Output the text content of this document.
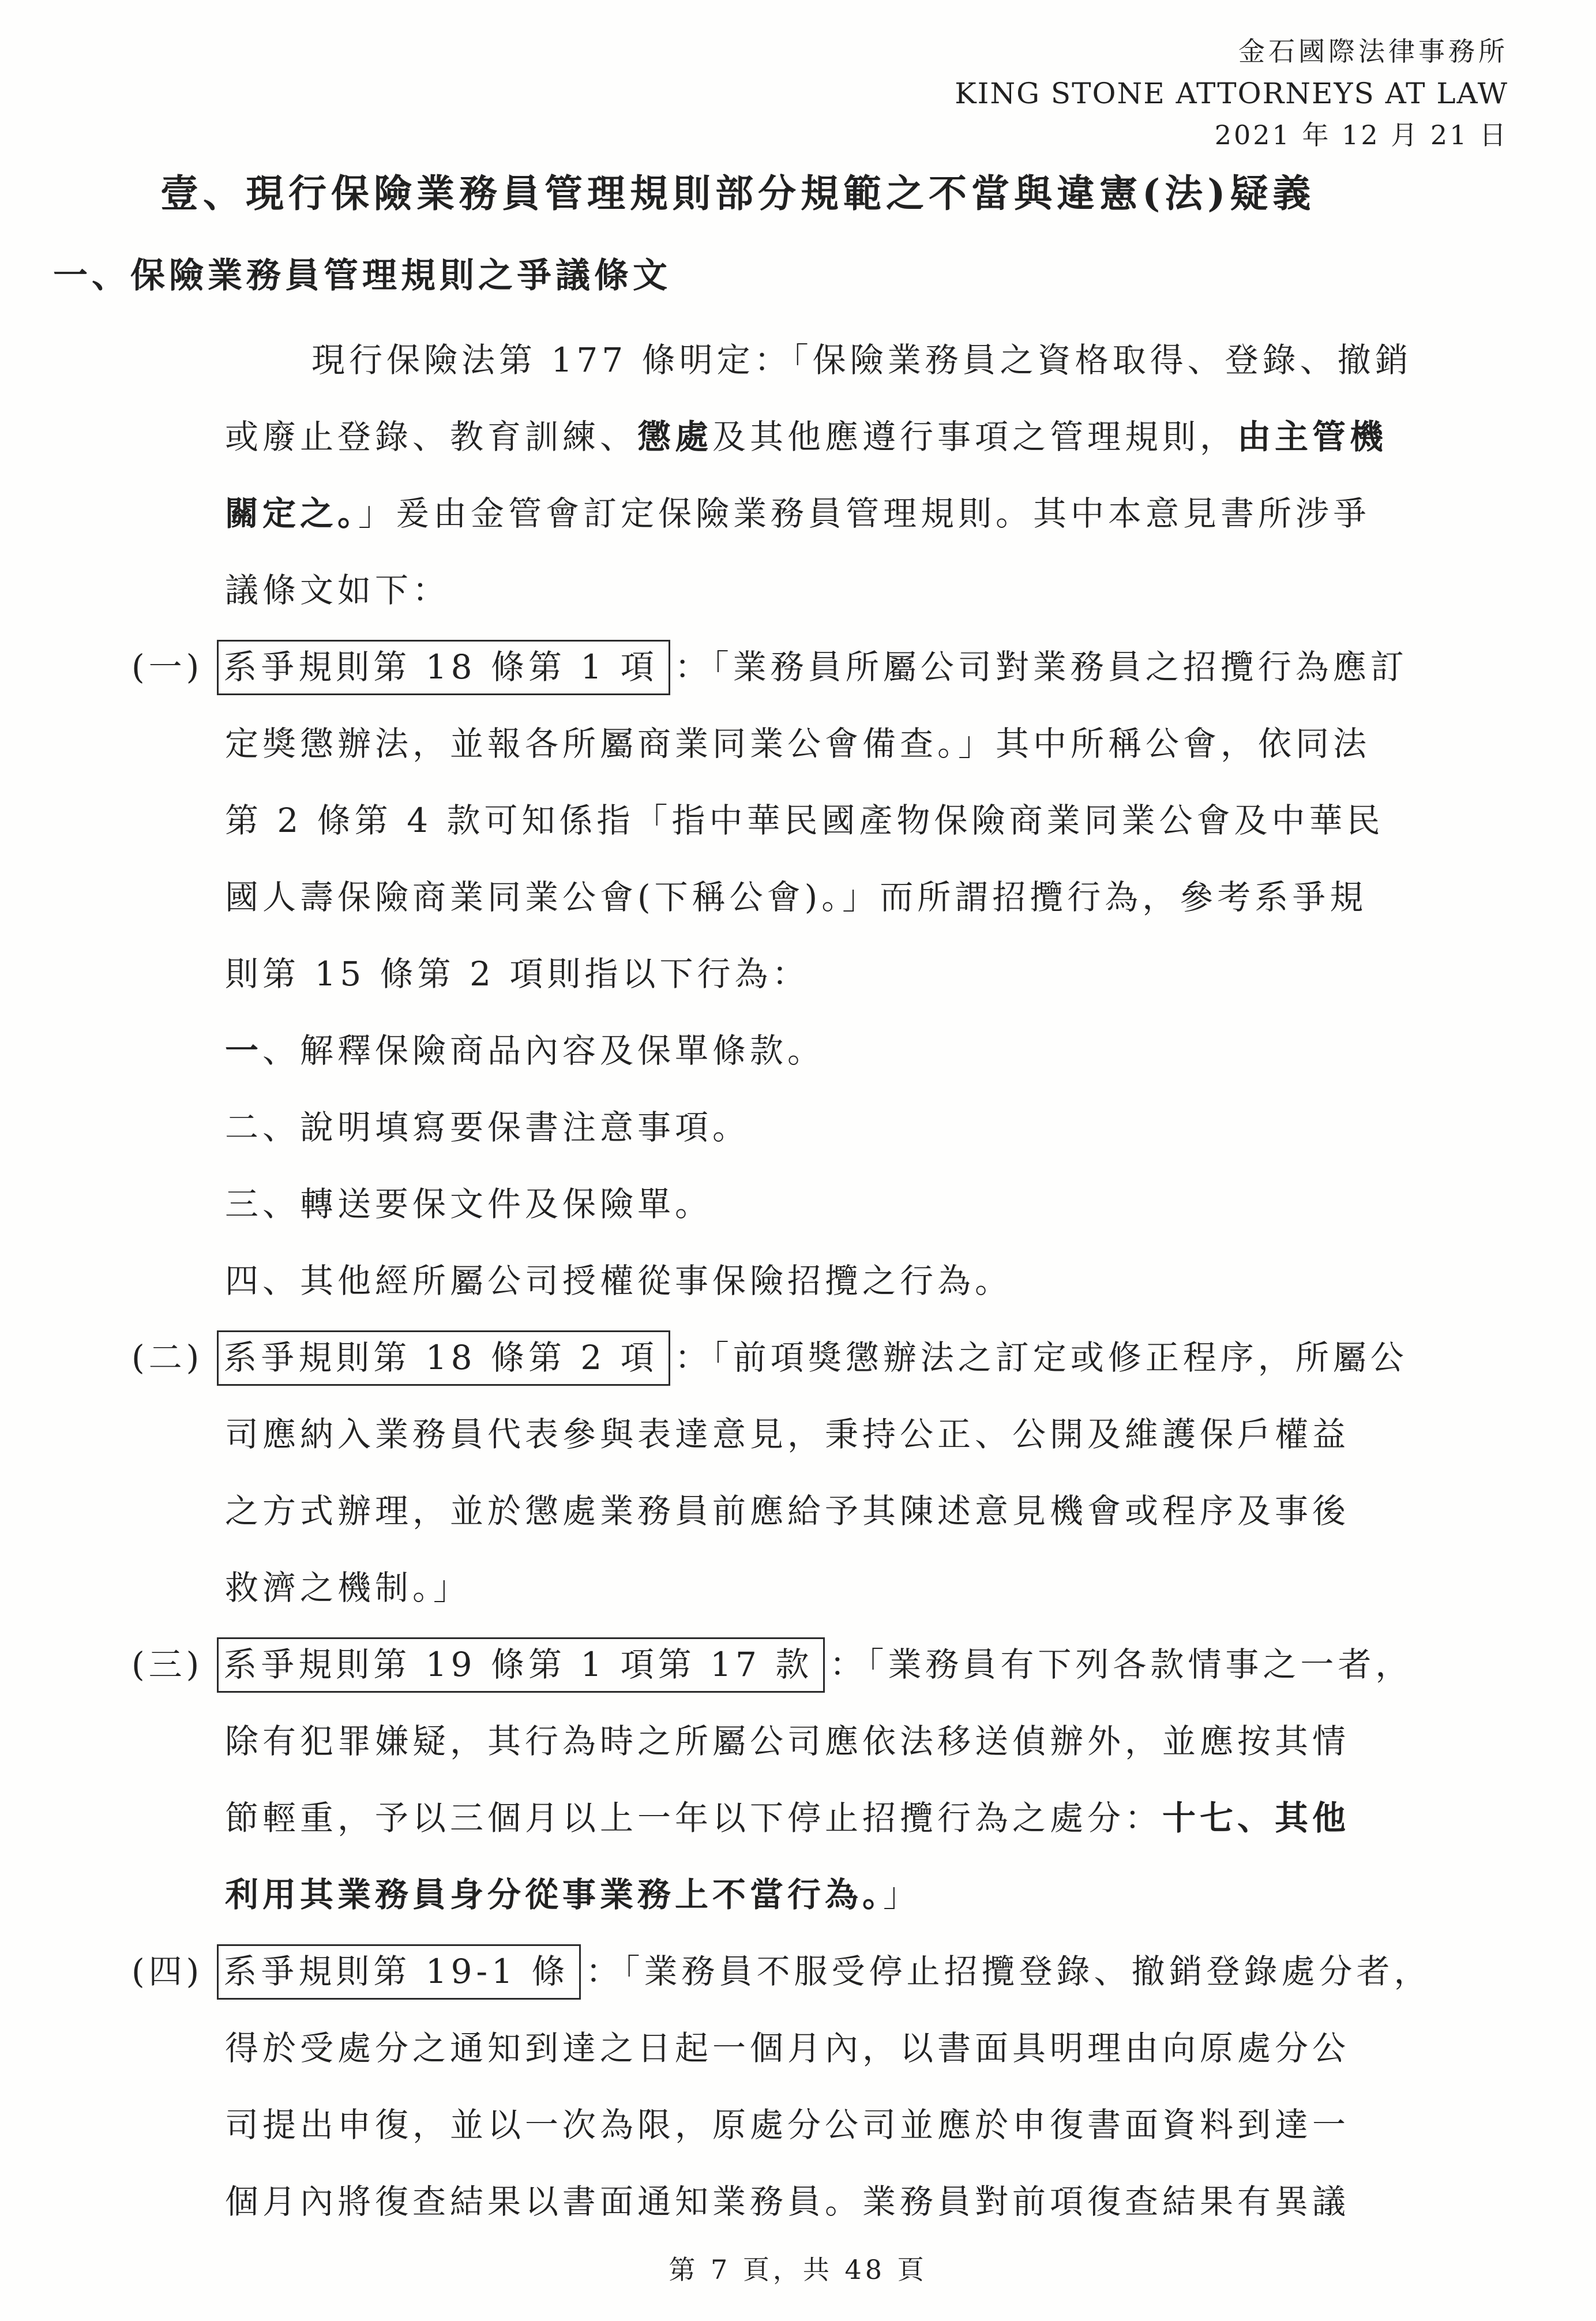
金石國際法律事務所
KING STONE ATTORNEYS AT LAW
2021 年 12 月 21 日
壹、現行保險業務員管理規則部分規範之不當與違憲(法)疑義
一、保險業務員管理規則之爭議條文
現行保險法第 177 條明定：「保險業務員之資格取得、登錄、撤銷
或廢止登錄、教育訓練、懲處及其他應遵行事項之管理規則，由主管機
關定之。」爰由金管會訂定保險業務員管理規則。其中本意見書所涉爭
議條文如下：
(一) 系爭規則第 18 條第 1 項 ：「業務員所屬公司對業務員之招攬行為應訂
定獎懲辦法，並報各所屬商業同業公會備查。」其中所稱公會，依同法
第 2 條第 4 款可知係指「指中華民國產物保險商業同業公會及中華民
國人壽保險商業同業公會(下稱公會)。」而所謂招攬行為，參考系爭規
則第 15 條第 2 項則指以下行為：
一、解釋保險商品內容及保單條款。
二、說明填寫要保書注意事項。
三、轉送要保文件及保險單。
四、其他經所屬公司授權從事保險招攬之行為。
(二) 系爭規則第 18 條第 2 項 ：「前項獎懲辦法之訂定或修正程序，所屬公
司應納入業務員代表參與表達意見，秉持公正、公開及維護保戶權益
之方式辦理，並於懲處業務員前應給予其陳述意見機會或程序及事後
救濟之機制。」
(三) 系爭規則第 19 條第 1 項第 17 款 ：「業務員有下列各款情事之一者，
除有犯罪嫌疑，其行為時之所屬公司應依法移送偵辦外，並應按其情
節輕重，予以三個月以上一年以下停止招攬行為之處分：十七、其他
利用其業務員身分從事業務上不當行為。」
(四) 系爭規則第 19-1 條 ：「業務員不服受停止招攬登錄、撤銷登錄處分者，
得於受處分之通知到達之日起一個月內，以書面具明理由向原處分公
司提出申復，並以一次為限，原處分公司並應於申復書面資料到達一
個月內將復查結果以書面通知業務員。業務員對前項復查結果有異議
第 7 頁，共 48 頁
